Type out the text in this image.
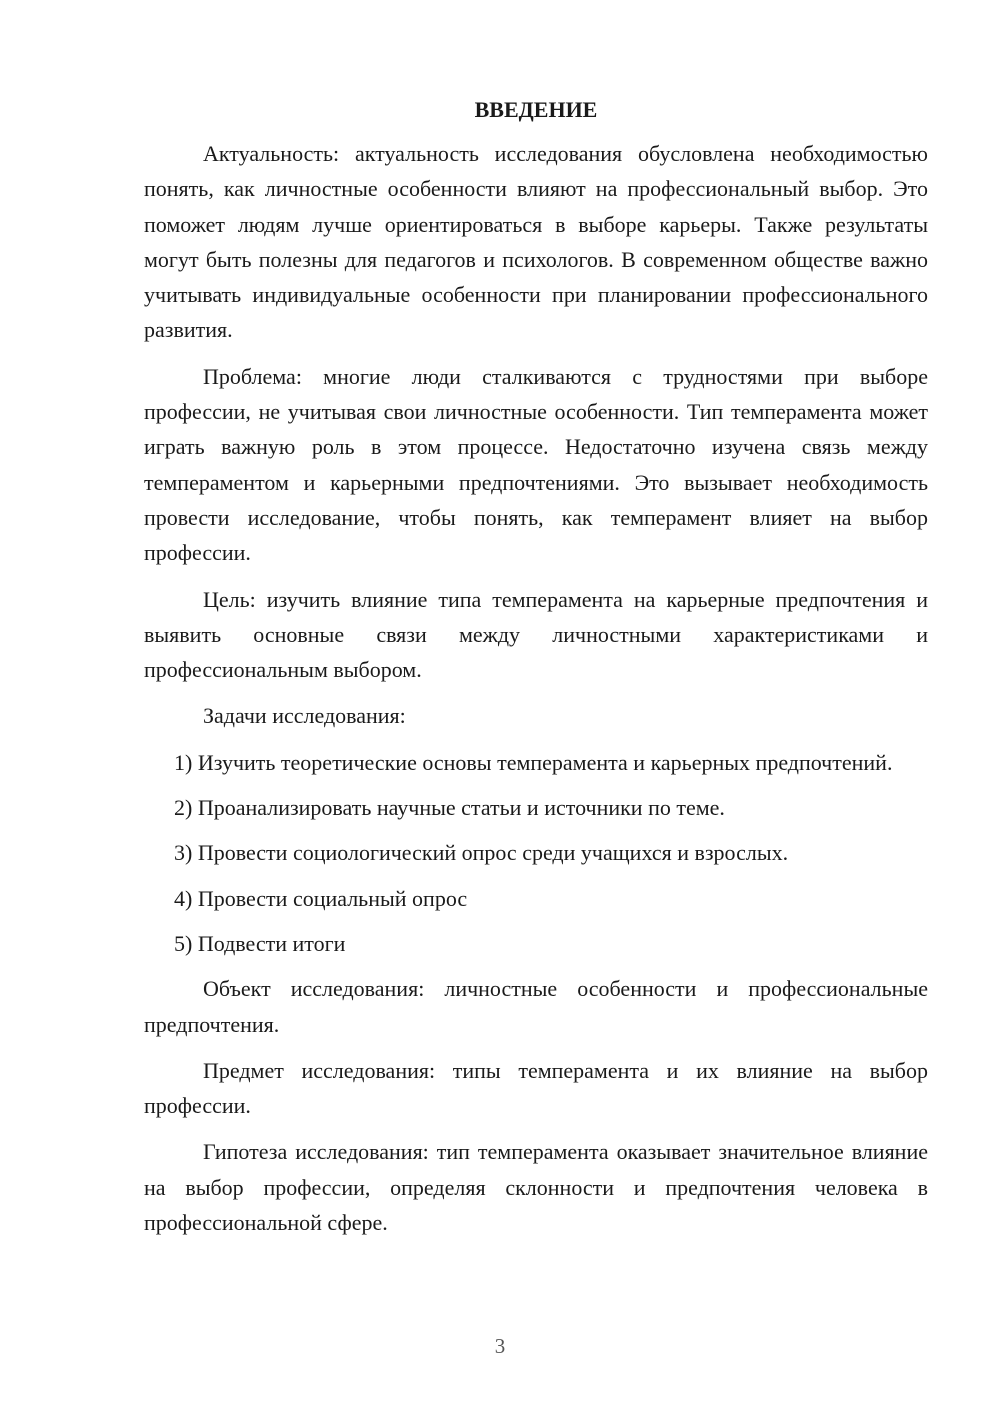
ВВЕДЕНИЕ

Актуальность: актуальность исследования обусловлена необходимостью понять, как личностные особенности влияют на профессиональный выбор. Это поможет людям лучше ориентироваться в выборе карьеры. Также результаты могут быть полезны для педагогов и психологов. В современном обществе важно учитывать индивидуальные особенности при планировании профессионального развития.

Проблема: многие люди сталкиваются с трудностями при выборе профессии, не учитывая свои личностные особенности. Тип темперамента может играть важную роль в этом процессе. Недостаточно изучена связь между темпераментом и карьерными предпочтениями. Это вызывает необходимость провести исследование, чтобы понять, как темперамент влияет на выбор профессии.

Цель: изучить влияние типа темперамента на карьерные предпочтения и выявить основные связи между личностными характеристиками и профессиональным выбором.

Задачи исследования:

1) Изучить теоретические основы темперамента и карьерных предпочтений.
2) Проанализировать научные статьи и источники по теме.
3) Провести социологический опрос среди учащихся и взрослых.
4) Провести социальный опрос
5) Подвести итоги

Объект исследования: личностные особенности и профессиональные предпочтения.

Предмет исследования: типы темперамента и их влияние на выбор профессии.

Гипотеза исследования: тип темперамента оказывает значительное влияние на выбор профессии, определяя склонности и предпочтения человека в профессиональной сфере.

3
